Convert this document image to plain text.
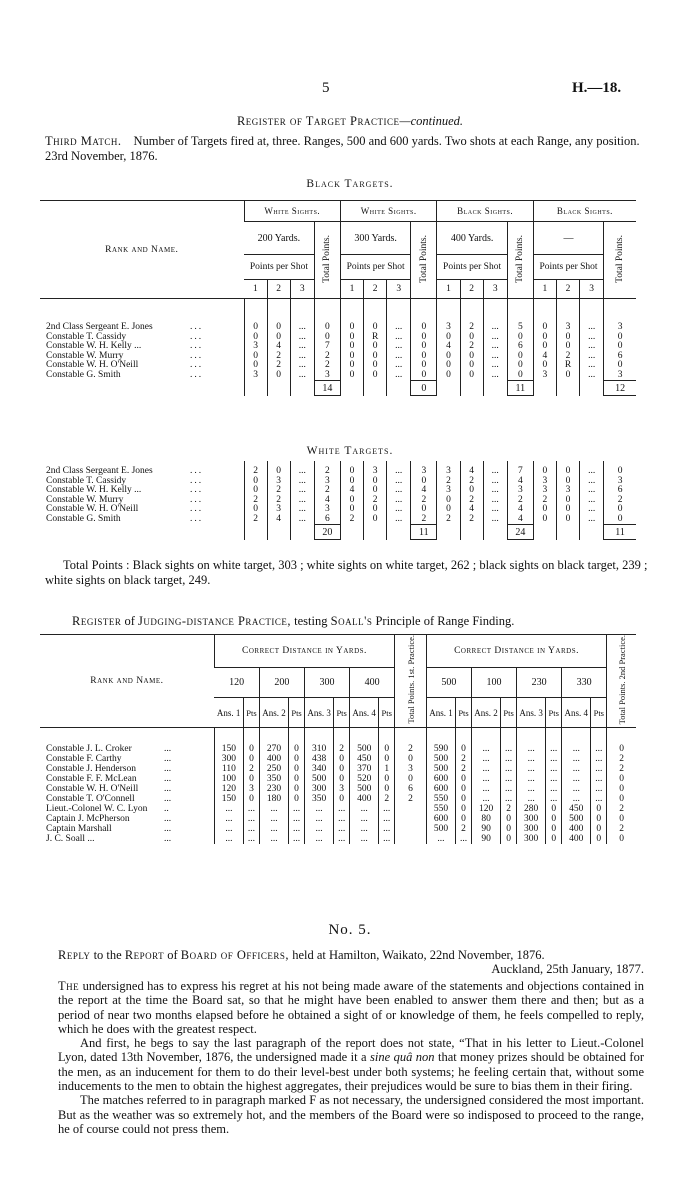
5	H.—18.
Register of Target Practice—continued.
Third Match. Number of Targets fired at, three. Ranges, 500 and 600 yards. Two shots at each Range, any position. 23rd November, 1876.
Black Targets.
Rank and Name.	White Sights.				White Sights.				Black Sights.				Black Sights.			
	200 Yards.			Total Points.	300 Yards.			Total Points.	400 Yards.			Total Points.	—			Total Points.
	Points per Shot				Points per Shot				Points per Shot				Points per Shot			
	1	2	3		1	2	3		1	2	3		1	2	3	
2nd Class Sergeant E. Jones ...	0	0	...	0	0	0	...	0	3	2	...	5	0	3	...	3
Constable T. Cassidy ...	0	0	...	0	0	R	...	0	0	0	...	0	0	0	...	0
Constable W. H. Kelly ... ...	3	4	...	7	0	0	...	0	4	2	...	6	0	0	...	0
Constable W. Murry ...	0	2	...	2	0	0	...	0	0	0	...	0	4	2	...	6
Constable W. H. O'Neill ...	0	2	...	2	0	0	...	0	0	0	...	0	0	R	...	0
Constable G. Smith ...	3	0	...	3	0	0	...	0	0	0	...	0	3	0	...	3
				14				0				11				12
White Targets.
2nd Class Sergeant E. Jones ...	2	0	...	2	0	3	...	3	3	4	...	7	0	0	...	0
Constable T. Cassidy ...	0	3	...	3	0	0	...	0	2	2	...	4	3	0	...	3
Constable W. H. Kelly ... ...	0	2	...	2	4	0	...	4	3	0	...	3	3	3	...	6
Constable W. Murry ...	2	2	...	4	0	2	...	2	0	2	...	2	2	0	...	2
Constable W. H. O'Neill ...	0	3	...	3	0	0	...	0	0	4	...	4	0	0	...	0
Constable G. Smith ...	2	4	...	6	2	0	...	2	2	2	...	4	0	0	...	0
				20				11				24				11
Total Points : Black sights on white target, 303 ; white sights on white target, 262 ; black sights on black target, 239 ; white sights on black target, 249.
Register of Judging-distance Practice, testing Soall's Principle of Range Finding.
Rank and Name.	Correct Distance in Yards.								Total Points. 1st. Practice.	Correct Distance in Yards.								Total Points. 2nd Practice.
	120		200		300		400			500		100		230		330		
	Ans. 1	Pts	Ans. 2	Pts	Ans. 3	Pts	Ans. 4	Pts		Ans. 1	Pts	Ans. 2	Pts	Ans. 3	Pts	Ans. 4	Pts	
Constable J. L. Croker ...	150	0	270	0	310	2	500	0	2	590	0	...	...	...	...	...	...	0
Constable F. Carthy ...	300	0	400	0	438	0	450	0	0	500	2	...	...	...	...	...	...	2
Constable J. Henderson ...	110	2	250	0	340	0	370	1	3	500	2	...	...	...	...	...	...	2
Constable F. F. McLean ...	100	0	350	0	500	0	520	0	0	600	0	...	...	...	...	...	...	0
Constable W. H. O'Neill ...	120	3	230	0	300	3	500	0	6	600	0	...	...	...	...	...	...	0
Constable T. O'Connell ...	150	0	180	0	350	0	400	2	2	550	0	...	...	...	...	...	...	0
Lieut.-Colonel W. C. Lyon ..	...	...	...	...	...	...	...	...		550	0	120	2	280	0	450	0	2
Captain J. McPherson ...	...	...	...	...	...	...	...	...		600	0	80	0	300	0	500	0	0
Captain Marshall ...	...	...	...	...	...	...	...	...		500	2	90	0	300	0	400	0	2
J. C. Soall ... ...	...	...	...	...	...	...	...	...		...	...	90	0	300	0	400	0	0
No. 5.
Reply to the Report of Board of Officers, held at Hamilton, Waikato, 22nd November, 1876.
Auckland, 25th January, 1877.

The undersigned has to express his regret at his not being made aware of the statements and objections contained in the report at the time the Board sat, so that he might have been enabled to answer them there and then; but as a period of near two months elapsed before he obtained a sight of or knowledge of them, he feels compelled to reply, which he does with the greatest respect.

And first, he begs to say the last paragraph of the report does not state, “That in his letter to Lieut.-Colonel Lyon, dated 13th November, 1876, the undersigned made it a sine quâ non that money prizes should be obtained for the men, as an inducement for them to do their level-best under both systems; he feeling certain that, without some inducements to the men to obtain the highest aggregates, their prejudices would be sure to bias them in their firing.

The matches referred to in paragraph marked F as not necessary, the undersigned considered the most important. But as the weather was so extremely hot, and the members of the Board were so indisposed to proceed to the range, he of course could not press them.
